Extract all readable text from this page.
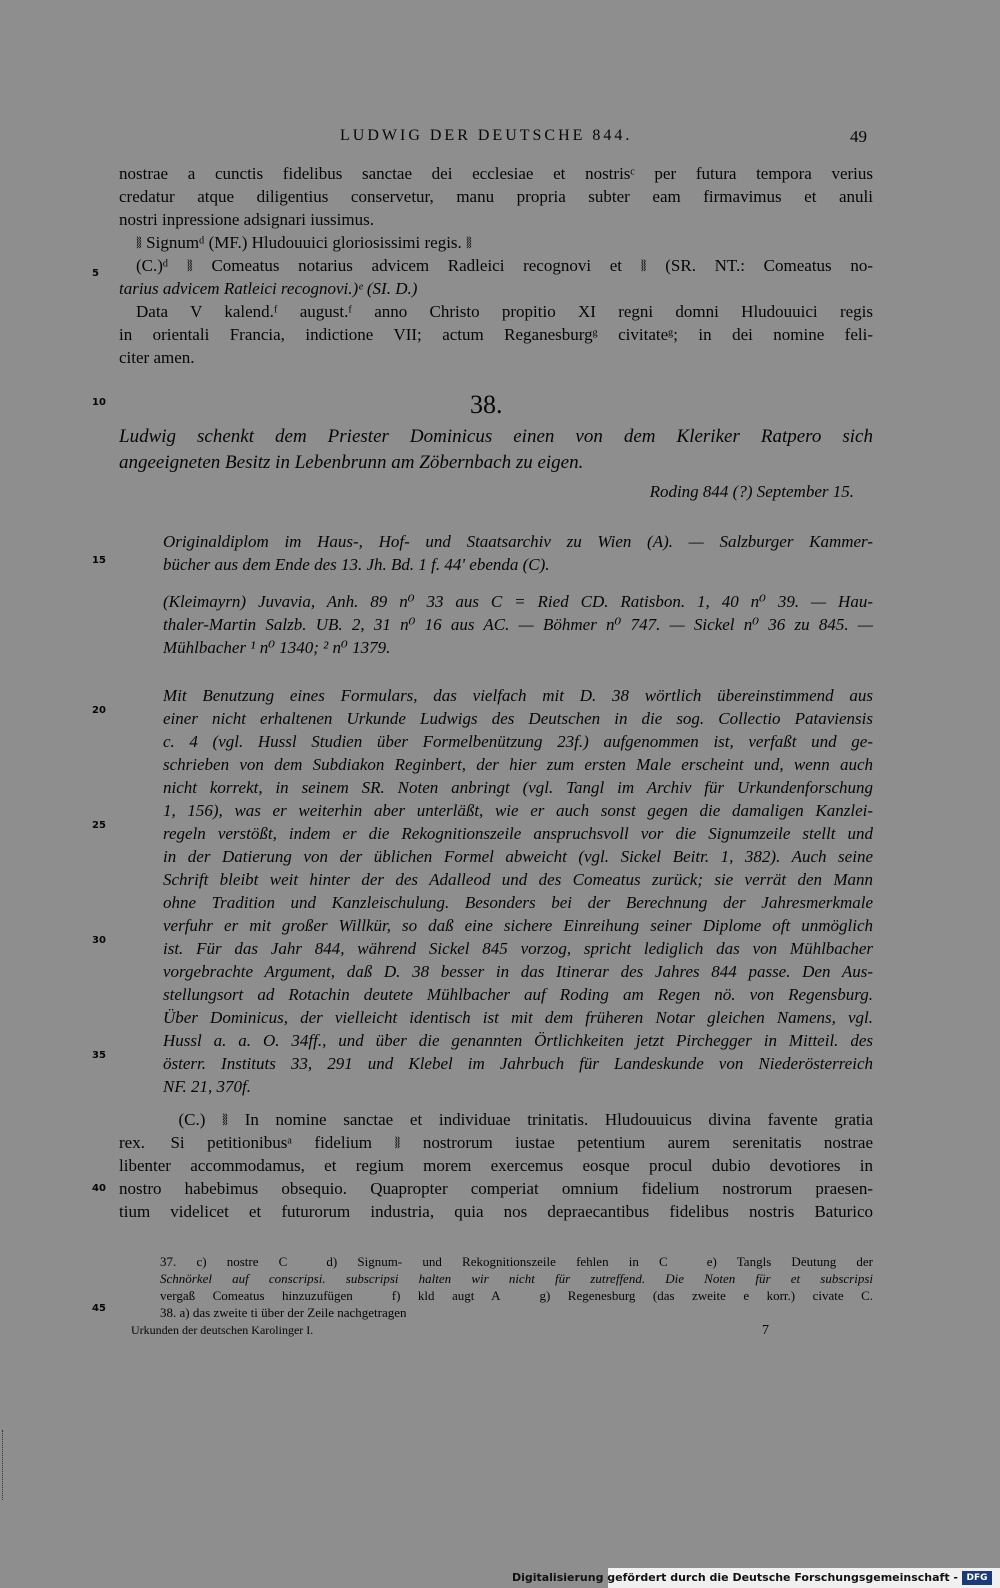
LUDWIG DER DEUTSCHE 844.	49
nostrae a cunctis fidelibus sanctae dei ecclesiae et nostrisᶜ per futura tempora verius
credatur atque diligentius conservetur, manu propria subter eam firmavimus et anuli
nostri inpressione adsignari iussimus.
  ⧚ Signumᵈ (MF.) Hludouuici gloriosissimi regis. ⧚
  (C.)ᵈ ⧚ Comeatus notarius advicem Radleici recognovi et ⧚ (SR. NT.: Comeatus no-
tarius advicem Ratleici recognovi.)ᵉ (SI. D.)
  Data V kalend.ᶠ august.ᶠ anno Christo propitio XI regni domni Hludouuici regis
in orientali Francia, indictione VII; actum Reganesburgᵍ civitateᵍ; in dei nomine feli-
citer amen.
38.
Ludwig schenkt dem Priester Dominicus einen von dem Kleriker Ratpero sich
angeeigneten Besitz in Lebenbrunn am Zöbernbach zu eigen.
Roding 844 (?) September 15.
Originaldiplom im Haus-, Hof- und Staatsarchiv zu Wien (A). — Salzburger Kammer-
bücher aus dem Ende des 13. Jh. Bd. 1 f. 44' ebenda (C).
(Kleimayrn) Juvavia, Anh. 89 n⁰ 33 aus C = Ried CD. Ratisbon. 1, 40 n⁰ 39. — Hau-
thaler-Martin Salzb. UB. 2, 31 n⁰ 16 aus AC. — Böhmer n⁰ 747. — Sickel n⁰ 36 zu 845. —
Mühlbacher ¹ n⁰ 1340; ² n⁰ 1379.
Mit Benutzung eines Formulars, das vielfach mit D. 38 wörtlich übereinstimmend aus
einer nicht erhaltenen Urkunde Ludwigs des Deutschen in die sog. Collectio Pataviensis
c. 4 (vgl. Hussl Studien über Formelbenützung 23f.) aufgenommen ist, verfaßt und ge-
schrieben von dem Subdiakon Reginbert, der hier zum ersten Male erscheint und, wenn auch
nicht korrekt, in seinem SR. Noten anbringt (vgl. Tangl im Archiv für Urkundenforschung
1, 156), was er weiterhin aber unterläßt, wie er auch sonst gegen die damaligen Kanzlei-
regeln verstößt, indem er die Rekognitionszeile anspruchsvoll vor die Signumzeile stellt und
in der Datierung von der üblichen Formel abweicht (vgl. Sickel Beitr. 1, 382). Auch seine
Schrift bleibt weit hinter der des Adalleod und des Comeatus zurück; sie verrät den Mann
ohne Tradition und Kanzleischulung. Besonders bei der Berechnung der Jahresmerkmale
verfuhr er mit großer Willkür, so daß eine sichere Einreihung seiner Diplome oft unmöglich
ist. Für das Jahr 844, während Sickel 845 vorzog, spricht lediglich das von Mühlbacher
vorgebrachte Argument, daß D. 38 besser in das Itinerar des Jahres 844 passe. Den Aus-
stellungsort ad Rotachin deutete Mühlbacher auf Roding am Regen nö. von Regensburg.
Über Dominicus, der vielleicht identisch ist mit dem früheren Notar gleichen Namens, vgl.
Hussl a. a. O. 34ff., und über die genannten Örtlichkeiten jetzt Pirchegger in Mitteil. des
österr. Instituts 33, 291 und Klebel im Jahrbuch für Landeskunde von Niederösterreich
NF. 21, 370f.
       (C.) ⧚ In nomine sanctae et individuae trinitatis. Hludouuicus divina favente gratia
rex.   Si petitionibusᵃ fidelium ⧚ nostrorum iustae petentium aurem serenitatis nostrae
libenter accommodamus, et regium morem exercemus eosque procul dubio devotiores in
nostro habebimus obsequio. Quapropter comperiat omnium fidelium nostrorum praesen-
tium videlicet et futurorum industria, quia nos depraecantibus fidelibus nostris Baturico
37. c) nostre C   d) Signum- und Rekognitionszeile fehlen in C   e) Tangls Deutung der
Schnörkel auf conscripsi. subscripsi halten wir nicht für zutreffend. Die Noten für et subscripsi
vergaß Comeatus hinzuzufügen   f) kld augt A   g) Regenesburg (das zweite e korr.) civate C.
38. a) das zweite ti über der Zeile nachgetragen
5
10
15
20
25
30
35
40
45
Urkunden der deutschen Karolinger I.	7
Digitalisierung gefördert durch die Deutsche Forschungsgemeinschaft - DFG
